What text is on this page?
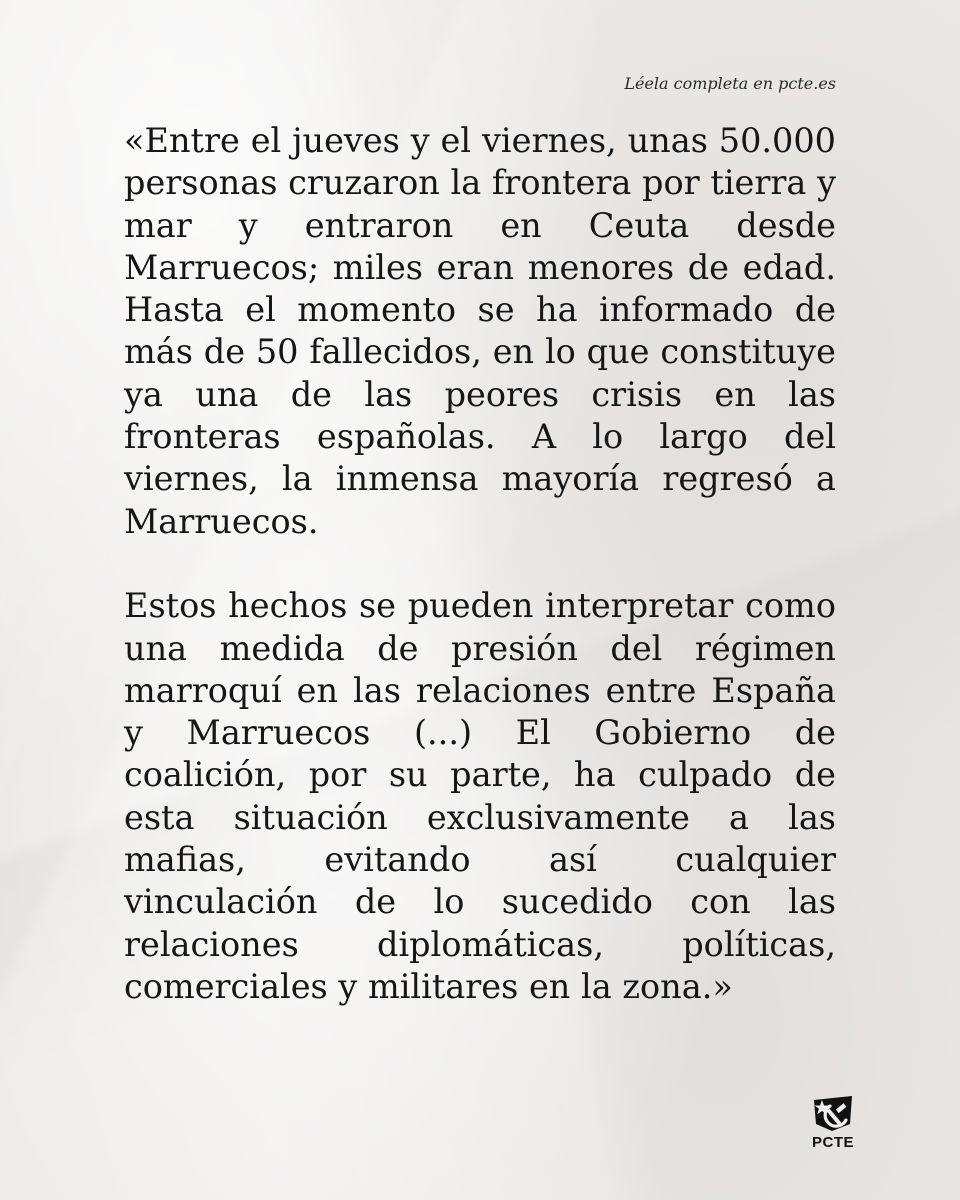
Léela completa en pcte.es

«Entre el jueves y el viernes, unas 50.000 personas cruzaron la frontera por tierra y mar y entraron en Ceuta desde Marruecos; miles eran menores de edad. Hasta el momento se ha informado de más de 50 fallecidos, en lo que constituye ya una de las peores crisis en las fronteras españolas. A lo largo del viernes, la inmensa mayoría regresó a Marruecos.

Estos hechos se pueden interpretar como una medida de presión del régimen marroquí en las relaciones entre España y Marruecos (...) El Gobierno de coalición, por su parte, ha culpado de esta situación exclusivamente a las mafias, evitando así cualquier vinculación de lo sucedido con las relaciones diplomáticas, políticas, comerciales y militares en la zona.»

PCTE
